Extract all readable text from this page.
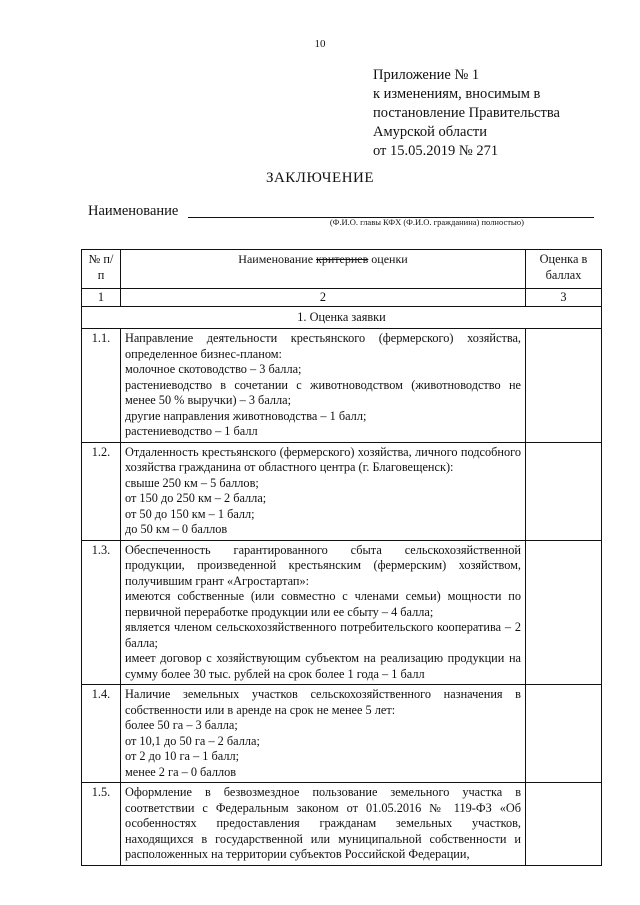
10
Приложение № 1
к изменениям, вносимым в
постановление Правительства
Амурской области
от 15.05.2019 № 271
ЗАКЛЮЧЕНИЕ
Наименование
(Ф.И.О. главы КФХ (Ф.И.О. гражданина) полностью)
№ п/п	Наименование критериев оценки	Оценка в баллах
1	2	3
1. Оценка заявки		
1.1.	Направление деятельности крестьянского (фермерского) хозяйства, определенное бизнес-планом:
молочное скотоводство – 3 балла;
растениеводство в сочетании с животноводством (животноводство не менее 50 % выручки) – 3 балла;
другие направления животноводства – 1 балл;
растениеводство – 1 балл	

1.2.	Отдаленность крестьянского (фермерского) хозяйства, личного подсобного хозяйства гражданина от областного центра (г. Благовещенск):
свыше 250 км – 5 баллов;
от 150 до 250 км – 2 балла;
от 50 до 150 км – 1 балл;
до 50 км – 0 баллов	

1.3.	Обеспеченность гарантированного сбыта сельскохозяйственной продукции, произведенной крестьянским (фермерским) хозяйством, получившим грант «Агростартап»:
имеются собственные (или совместно с членами семьи) мощности по первичной переработке продукции или ее сбыту – 4 балла;
является членом сельскохозяйственного потребительского кооператива – 2 балла;
имеет договор с хозяйствующим субъектом на реализацию продукции на сумму более 30 тыс. рублей на срок более 1 года – 1 балл	

1.4.	Наличие земельных участков сельскохозяйственного назначения в собственности или в аренде на срок не менее 5 лет:
более 50 га – 3 балла;
от 10,1 до 50 га – 2 балла;
от 2 до 10 га – 1 балл;
менее 2 га – 0 баллов	

1.5.	Оформление в безвозмездное пользование земельного участка в соответствии с Федеральным законом от 01.05.2016 № 119-ФЗ «Об особенностях предоставления гражданам земельных участков, находящихся в государственной или муниципальной собственности и расположенных на территории субъектов Российской Федерации,	
